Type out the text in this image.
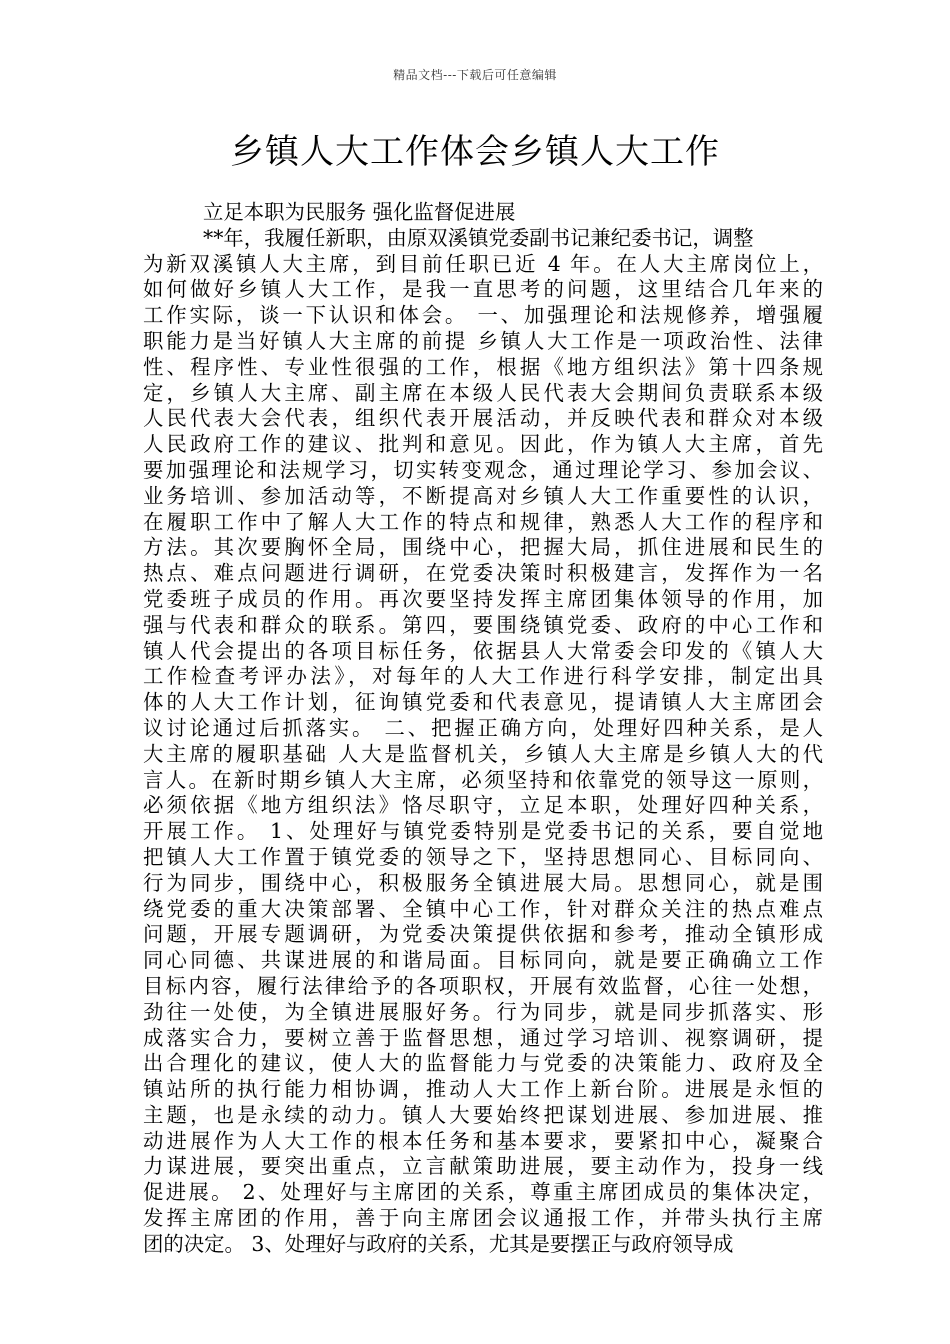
精品文档---下载后可任意编辑
乡镇人大工作体会乡镇人大工作
立足本职为民服务 强化监督促进展
**年，我履任新职，由原双溪镇党委副书记兼纪委书记，调整
为新双溪镇人大主席，到目前任职已近 4 年。在人大主席岗位上，
如何做好乡镇人大工作，是我一直思考的问题，这里结合几年来的
工作实际，谈一下认识和体会。 一、加强理论和法规修养，增强履
职能力是当好镇人大主席的前提 乡镇人大工作是一项政治性、法律
性、程序性、专业性很强的工作，根据《地方组织法》第十四条规
定，乡镇人大主席、副主席在本级人民代表大会期间负责联系本级
人民代表大会代表，组织代表开展活动，并反映代表和群众对本级
人民政府工作的建议、批判和意见。因此，作为镇人大主席，首先
要加强理论和法规学习，切实转变观念，通过理论学习、参加会议、
业务培训、参加活动等，不断提高对乡镇人大工作重要性的认识，
在履职工作中了解人大工作的特点和规律，熟悉人大工作的程序和
方法。其次要胸怀全局，围绕中心，把握大局，抓住进展和民生的
热点、难点问题进行调研，在党委决策时积极建言，发挥作为一名
党委班子成员的作用。再次要坚持发挥主席团集体领导的作用，加
强与代表和群众的联系。第四，要围绕镇党委、政府的中心工作和
镇人代会提出的各项目标任务，依据县人大常委会印发的《镇人大
工作检查考评办法》，对每年的人大工作进行科学安排，制定出具
体的人大工作计划，征询镇党委和代表意见，提请镇人大主席团会
议讨论通过后抓落实。 二、把握正确方向，处理好四种关系，是人
大主席的履职基础 人大是监督机关，乡镇人大主席是乡镇人大的代
言人。在新时期乡镇人大主席，必须坚持和依靠党的领导这一原则，
必须依据《地方组织法》恪尽职守，立足本职，处理好四种关系，
开展工作。 1、处理好与镇党委特别是党委书记的关系，要自觉地
把镇人大工作置于镇党委的领导之下，坚持思想同心、目标同向、
行为同步，围绕中心，积极服务全镇进展大局。思想同心，就是围
绕党委的重大决策部署、全镇中心工作，针对群众关注的热点难点
问题，开展专题调研，为党委决策提供依据和参考，推动全镇形成
同心同德、共谋进展的和谐局面。目标同向，就是要正确确立工作
目标内容，履行法律给予的各项职权，开展有效监督，心往一处想，
劲往一处使，为全镇进展服好务。行为同步，就是同步抓落实、形
成落实合力，要树立善于监督思想，通过学习培训、视察调研，提
出合理化的建议，使人大的监督能力与党委的决策能力、政府及全
镇站所的执行能力相协调，推动人大工作上新台阶。进展是永恒的
主题，也是永续的动力。镇人大要始终把谋划进展、参加进展、推
动进展作为人大工作的根本任务和基本要求，要紧扣中心，凝聚合
力谋进展，要突出重点，立言献策助进展，要主动作为，投身一线
促进展。 2、处理好与主席团的关系，尊重主席团成员的集体决定，
发挥主席团的作用，善于向主席团会议通报工作，并带头执行主席
团的决定。 3、处理好与政府的关系，尤其是要摆正与政府领导成
